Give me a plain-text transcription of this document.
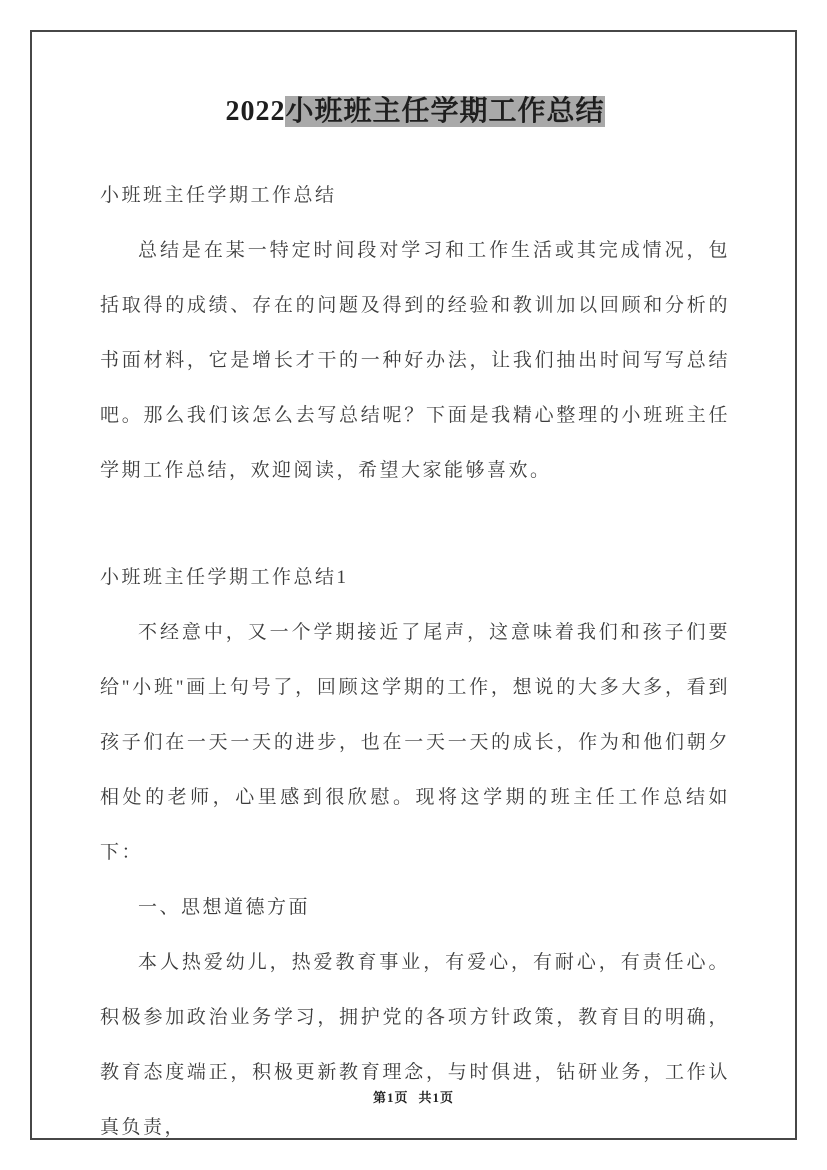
2022小班班主任学期工作总结

小班班主任学期工作总结

总结是在某一特定时间段对学习和工作生活或其完成情况，包括取得的成绩、存在的问题及得到的经验和教训加以回顾和分析的书面材料，它是增长才干的一种好办法，让我们抽出时间写写总结吧。那么我们该怎么去写总结呢？下面是我精心整理的小班班主任学期工作总结，欢迎阅读，希望大家能够喜欢。

小班班主任学期工作总结1

不经意中，又一个学期接近了尾声，这意味着我们和孩子们要给"小班"画上句号了，回顾这学期的工作，想说的大多大多，看到孩子们在一天一天的进步，也在一天一天的成长，作为和他们朝夕相处的老师，心里感到很欣慰。现将这学期的班主任工作总结如下：

一、思想道德方面

本人热爱幼儿，热爱教育事业，有爱心，有耐心，有责任心。积极参加政治业务学习，拥护党的各项方针政策，教育目的明确，教育态度端正，积极更新教育理念，与时俱进，钻研业务，工作认真负责，

第1页 共1页
